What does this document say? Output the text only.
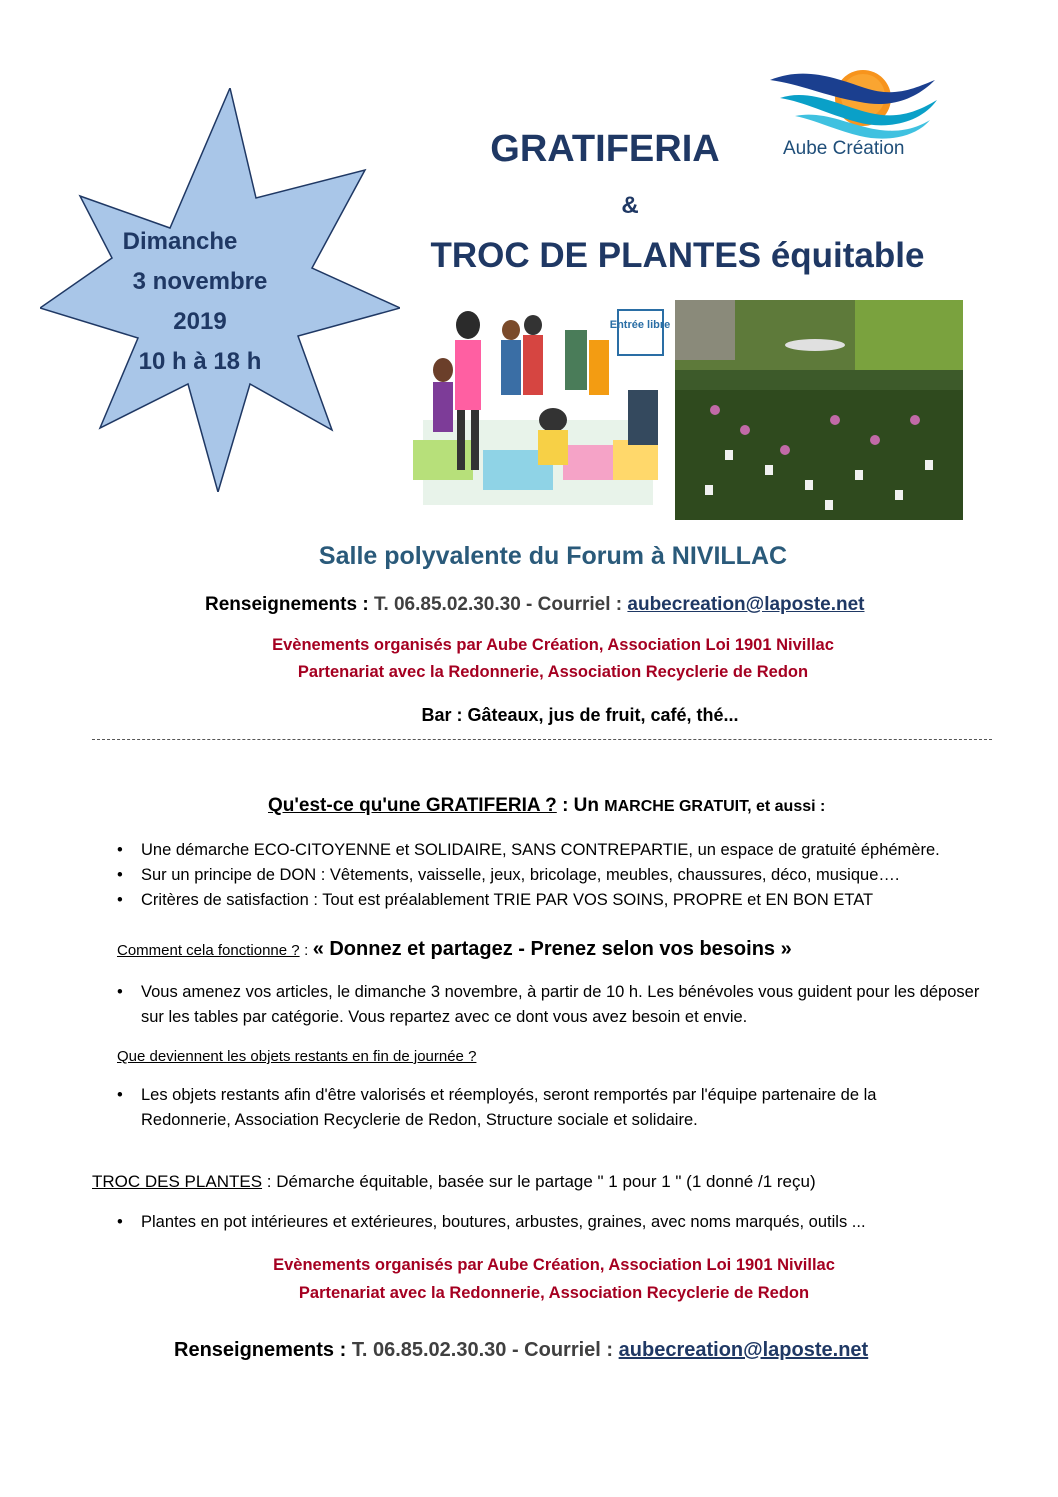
Aube Création
Dimanche
3 novembre
2019
10 h à 18 h
GRATIFERIA
&
TROC DE PLANTES équitable
Entrée libre
Salle polyvalente du Forum à NIVILLAC
Renseignements : T. 06.85.02.30.30 - Courriel : aubecreation@laposte.net
Evènements organisés par Aube Création, Association Loi 1901 Nivillac
Partenariat avec la Redonnerie, Association Recyclerie de Redon
Bar : Gâteaux, jus de fruit, café, thé...
Qu'est-ce qu'une GRATIFERIA ? : Un MARCHE GRATUIT, et aussi :
• Une démarche ECO-CITOYENNE et SOLIDAIRE, SANS CONTREPARTIE, un espace de gratuité éphémère.
• Sur un principe de DON : Vêtements, vaisselle, jeux, bricolage, meubles, chaussures, déco, musique….
• Critères de satisfaction : Tout est préalablement TRIE PAR VOS SOINS, PROPRE et EN BON ETAT
Comment cela fonctionne ? : « Donnez et partagez - Prenez selon vos besoins »
• Vous amenez vos articles, le dimanche 3 novembre, à partir de 10 h. Les bénévoles vous guident pour les déposer sur les tables par catégorie. Vous repartez avec ce dont vous avez besoin et envie.
Que deviennent les objets restants en fin de journée ?
• Les objets restants afin d'être valorisés et réemployés, seront remportés par l'équipe partenaire de la Redonnerie, Association Recyclerie de Redon, Structure sociale et solidaire.
TROC DES PLANTES : Démarche équitable, basée sur le partage " 1 pour 1 " (1 donné /1 reçu)
• Plantes en pot intérieures et extérieures, boutures, arbustes, graines, avec noms marqués, outils ...
Evènements organisés par Aube Création, Association Loi 1901 Nivillac
Partenariat avec la Redonnerie, Association Recyclerie de Redon
Renseignements : T. 06.85.02.30.30 - Courriel : aubecreation@laposte.net
